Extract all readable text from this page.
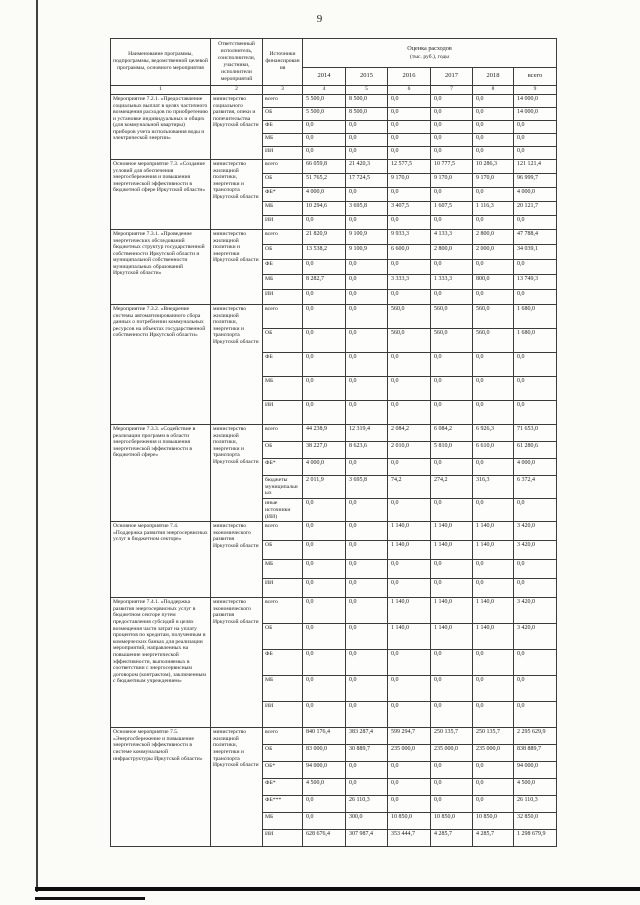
9
Наименование программы, подпрограммы, ведомственной целевой программы, основного мероприятия	Ответственный исполнитель, соисполнители, участники, исполнители мероприятий	Источники финансирования	Оценка расходов
(тыс. руб.), годы					

			2014	2015	2016	2017	2018	всего
1	2	3	4	5	6	7	8	9
Мероприятие 7.2.1. «Предоставление социальных выплат в целях частичного возмещения расходов по приобретению и установке индивидуальных и общих (для коммунальной квартиры) приборов учета использования воды и электрической энергии»	министерство социального развития, опеки и попечительства Иркутской области	всего	5 500,0	8 500,0	0,0	0,0	0,0	14 000,0
		ОБ	5 500,0	8 500,0	0,0	0,0	0,0	14 000,0
		ФБ	0,0	0,0	0,0	0,0	0,0	0,0
		МБ	0,0	0,0	0,0	0,0	0,0	0,0
		ИИ	0,0	0,0	0,0	0,0	0,0	0,0
Основное мероприятие 7.3. «Создание условий для обеспечения энергосбережения и повышения энергетической эффективности в бюджетной сфере Иркутской области»	министерство жилищной политики, энергетики и транспорта Иркутской области	всего	66 059,8	21 420,3	12 577,5	10 777,5	10 286,3	121 121,4
		ОБ	51 765,2	17 724,5	9 170,0	9 170,0	9 170,0	96 999,7
		ФБ*	4 000,0	0,0	0,0	0,0	0,0	4 000,0
		МБ	10 294,6	3 695,8	3 407,5	1 607,5	1 116,3	20 121,7
		ИИ	0,0	0,0	0,0	0,0	0,0	0,0
Мероприятие 7.3.1. «Проведение энергетических обследований бюджетных структур государственной собственности Иркутской области и муниципальной собственности муниципальных образований Иркутской области»	министерство жилищной политики и энергетики Иркутской области	всего	21 820,9	9 100,9	9 933,3	4 133,3	2 800,0	47 788,4
		ОБ	13 538,2	9 100,9	6 600,0	2 800,0	2 000,0	34 039,1
		ФБ	0,0	0,0	0,0	0,0	0,0	0,0
		МБ	8 282,7	0,0	3 333,3	1 333,3	800,0	13 749,3
		ИИ	0,0	0,0	0,0	0,0	0,0	0,0
Мероприятие 7.3.2. «Внедрение системы автоматизированного сбора данных о потреблении коммунальных ресурсов на объектах государственной собственности Иркутской области»	министерство жилищной политики, энергетики и транспорта Иркутской области	всего	0,0	0,0	560,0	560,0	560,0	1 680,0
		ОБ	0,0	0,0	560,0	560,0	560,0	1 680,0
		ФБ	0,0	0,0	0,0	0,0	0,0	0,0
		МБ	0,0	0,0	0,0	0,0	0,0	0,0
		ИИ	0,0	0,0	0,0	0,0	0,0	0,0
Мероприятие 7.3.3. «Содействие в реализации программ в области энергосбережения и повышения энергетической эффективности в бюджетной сфере»	министерство жилищной политики, энергетики и транспорта Иркутской области	всего	44 238,9	12 319,4	2 084,2	6 084,2	6 926,3	71 653,0
		ОБ	38 227,0	8 623,6	2 010,0	5 810,0	6 610,0	61 280,6
		ФБ*	4 000,0	0,0	0,0	0,0	0,0	4 000,0
		бюджеты муниципальных	2 011,9	3 695,8	74,2	274,2	316,3	6 372,4
		иные источники (ИИ)	0,0	0,0	0,0	0,0	0,0	0,0
Основное мероприятие 7.4. «Поддержка развития энергосервисных услуг в бюджетном секторе»	министерство экономического развития Иркутской области	всего	0,0	0,0	1 140,0	1 140,0	1 140,0	3 420,0
		ОБ	0,0	0,0	1 140,0	1 140,0	1 140,0	3 420,0
		МБ	0,0	0,0	0,0	0,0	0,0	0,0
		ИИ	0,0	0,0	0,0	0,0	0,0	0,0
Мероприятие 7.4.1. «Поддержка развития энергосервисных услуг в бюджетном секторе путем предоставления субсидий в целях возмещения части затрат на уплату процентов по кредитам, полученным в коммерческих банках для реализации мероприятий, направленных на повышение энергетической эффективности, выполняемых в соответствии с энергосервисным договором (контрактом), заключенным с бюджетным учреждением»	министерство экономического развития Иркутской области	всего	0,0	0,0	1 140,0	1 140,0	1 140,0	3 420,0
		ОБ	0,0	0,0	1 140,0	1 140,0	1 140,0	3 420,0
		ФБ	0,0	0,0	0,0	0,0	0,0	0,0
		МБ	0,0	0,0	0,0	0,0	0,0	0,0
		ИИ	0,0	0,0	0,0	0,0	0,0	0,0
Основное мероприятие 7.5. «Энергосбережение и повышение энергетической эффективности в системе коммунальной инфраструктуры Иркутской области»	министерство жилищной политики, энергетики и транспорта Иркутской области	всего	840 176,4	383 287,4	599 294,7	250 135,7	250 135,7	2 295 629,9
		ОБ	83 000,0	30 889,7	235 000,0	235 000,0	235 000,0	838 889,7
		ОБ*	94 000,0	0,0	0,0	0,0	0,0	94 000,0
		ФБ*	4 500,0	0,0	0,0	0,0	0,0	4 500,0
		ФБ***	0,0	26 110,3	0,0	0,0	0,0	26 110,3
		МБ	0,0	300,0	10 850,0	10 850,0	10 850,0	32 850,0
		ИИ	628 676,4	307 987,4	353 444,7	4 285,7	4 285,7	1 298 679,9
